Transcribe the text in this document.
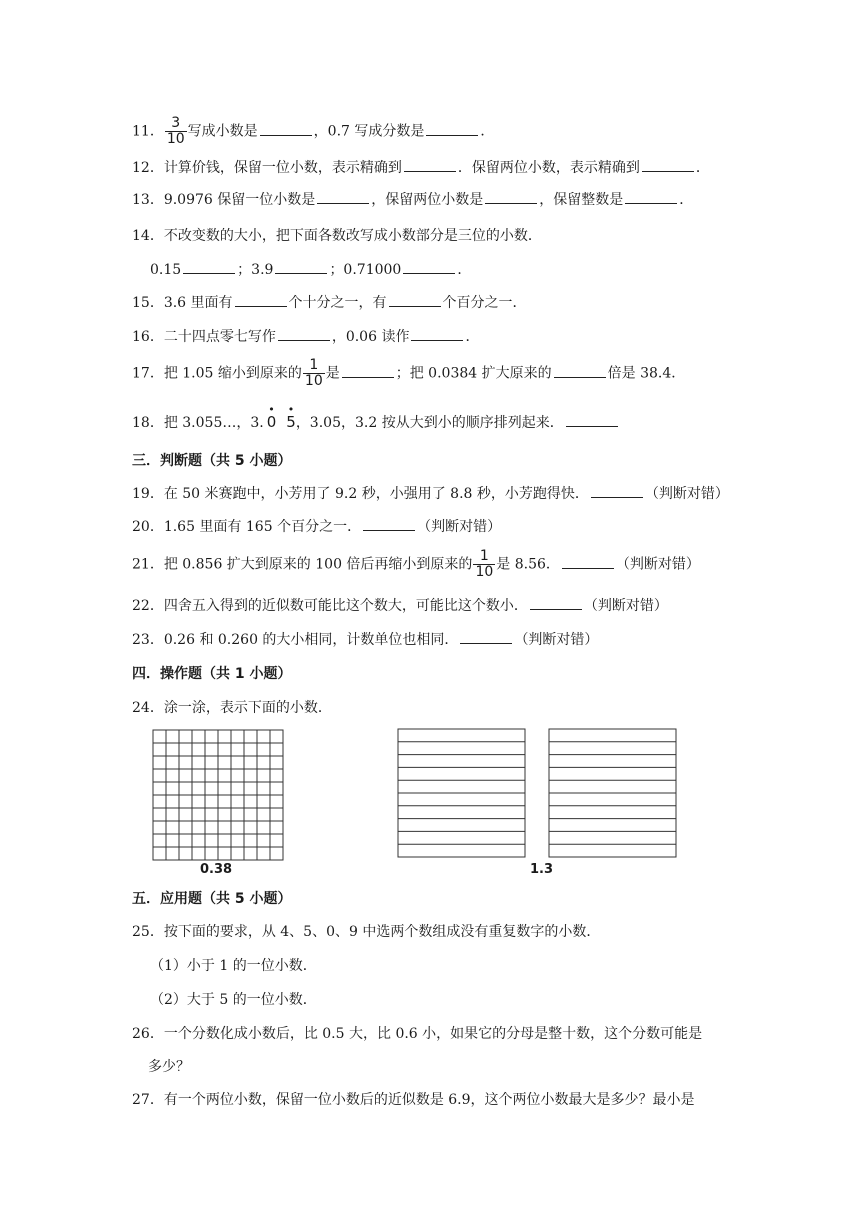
11． $\frac{3}{10}$ 写成小数是	，0.7 写成分数是	．
12．计算价钱，保留一位小数，表示精确到	．保留两位小数，表示精确到	．
13．9.0976 保留一位小数是	，保留两位小数是	，保留整数是	．
14．不改变数的大小，把下面各数改写成小数部分是三位的小数．
0.15	；3.9	；0.71000	．
15．3.6 里面有	个十分之一，有	个百分之一．
16．二十四点零七写作	，0.06 读作	．
17．把 1.05 缩小到原来的 $\frac{1}{10}$ 是	；把 0.0384 扩大原来的	倍是 38.4．
18．把 3.055…，3. • 0 • 5，3.05，3.2 按从大到小的顺序排列起来．
三．判断题（共 5 小题）
19．在 50 米赛跑中，小芳用了 9.2 秒，小强用了 8.8 秒，小芳跑得快．	（判断对错）
20．1.65 里面有 165 个百分之一．	（判断对错）
21．把 0.856 扩大到原来的 100 倍后再缩小到原来的 $\frac{1}{10}$ 是 8.56．	（判断对错）
22．四舍五入得到的近似数可能比这个数大，可能比这个数小．	（判断对错）
23．0.26 和 0.260 的大小相同，计数单位也相同．	（判断对错）
四．操作题（共 1 小题）
24．涂一涂，表示下面的小数．
0.38	1.3
五．应用题（共 5 小题）
25．按下面的要求，从 4、5、0、9 中选两个数组成没有重复数字的小数．
（1）小于 1 的一位小数．
（2）大于 5 的一位小数．
26．一个分数化成小数后，比 0.5 大，比 0.6 小，如果它的分母是整十数，这个分数可能是
多少？
27．有一个两位小数，保留一位小数后的近似数是 6.9，这个两位小数最大是多少？最小是
